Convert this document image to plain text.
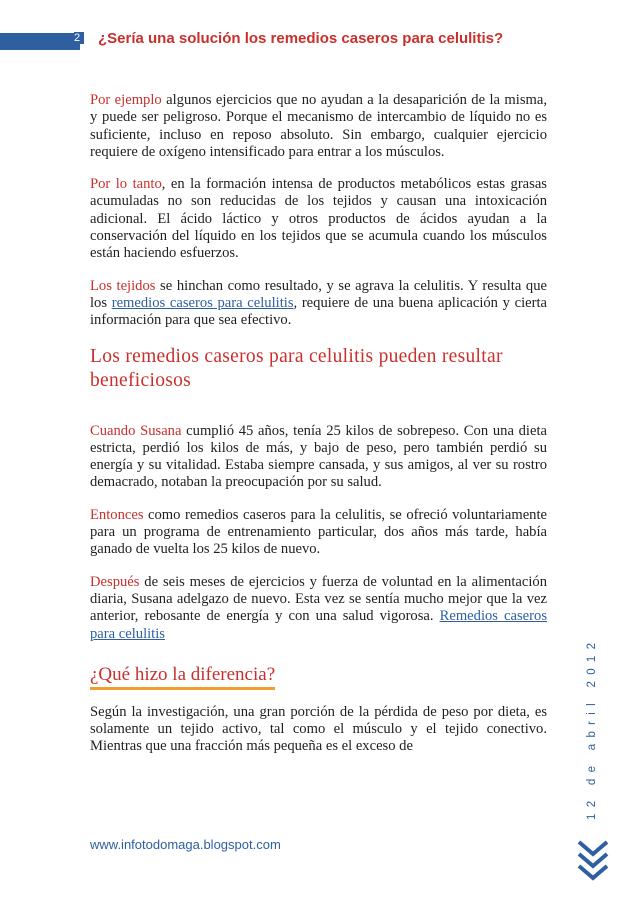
2 ¿Sería una solución los remedios caseros para celulitis?

Por ejemplo algunos ejercicios que no ayudan a la desaparición de la misma, y puede ser peligroso. Porque el mecanismo de intercambio de líquido no es suficiente, incluso en reposo absoluto. Sin embargo, cualquier ejercicio requiere de oxígeno intensificado para entrar a los músculos.

Por lo tanto, en la formación intensa de productos metabólicos estas grasas acumuladas no son reducidas de los tejidos y causan una intoxicación adicional. El ácido láctico y otros productos de ácidos ayudan a la conservación del líquido en los tejidos que se acumula cuando los músculos están haciendo esfuerzos.

Los tejidos se hinchan como resultado, y se agrava la celulitis. Y resulta que los remedios caseros para celulitis, requiere de una buena aplicación y cierta información para que sea efectivo.

Los remedios caseros para celulitis pueden resultar beneficiosos

Cuando Susana cumplió 45 años, tenía 25 kilos de sobrepeso. Con una dieta estricta, perdió los kilos de más, y bajo de peso, pero también perdió su energía y su vitalidad. Estaba siempre cansada, y sus amigos, al ver su rostro demacrado, notaban la preocupación por su salud.

Entonces como remedios caseros para la celulitis, se ofreció voluntariamente para un programa de entrenamiento particular, dos años más tarde, había ganado de vuelta los 25 kilos de nuevo.

Después de seis meses de ejercicios y fuerza de voluntad en la alimentación diaria, Susana adelgazo de nuevo. Esta vez se sentía mucho mejor que la vez anterior, rebosante de energía y con una salud vigorosa. Remedios caseros para celulitis

¿Qué hizo la diferencia?

Según la investigación, una gran porción de la pérdida de peso por dieta, es solamente un tejido activo, tal como el músculo y el tejido conectivo. Mientras que una fracción más pequeña es el exceso de

www.infotodomaga.blogspot.com
12 de abril 2012
